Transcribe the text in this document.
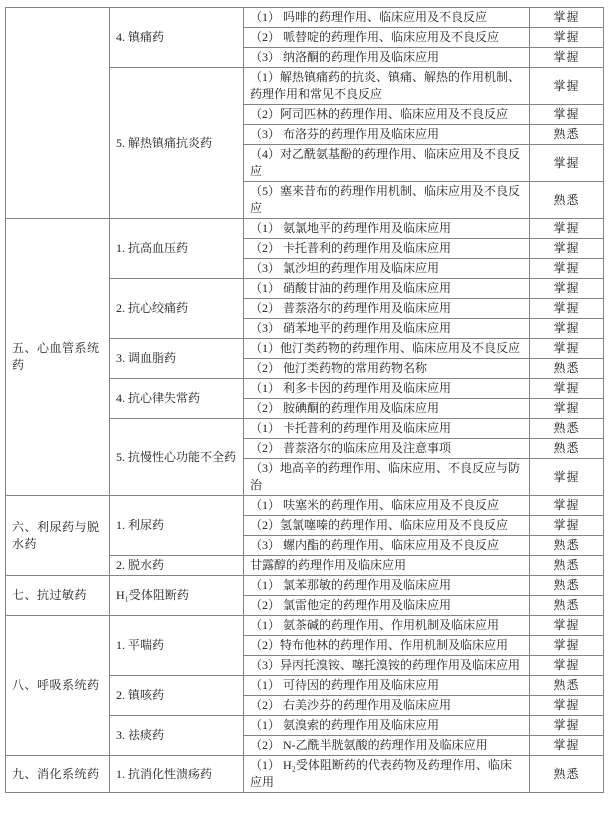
	4. 镇痛药	（1） 吗啡的药理作用、临床应用及不良反应	掌握
		（2） 哌替啶的药理作用、临床应用及不良反应	掌握
		（3） 纳洛酮的药理作用及临床应用	掌握
	5. 解热镇痛抗炎药	（1）解热镇痛药的抗炎、镇痛、解热的作用机制、药理作用和常见不良反应	掌握
		（2）阿司匹林的药理作用、临床应用及不良反应	掌握
		（3） 布洛芬的药理作用及临床应用	熟悉
		（4）对乙酰氨基酚的药理作用、临床应用及不良反应	掌握
		（5）塞来昔布的药理作用机制、临床应用及不良反应	熟悉
五、心血管系统药	1. 抗高血压药	（1） 氨氯地平的药理作用及临床应用	掌握
		（2） 卡托普利的药理作用及临床应用	掌握
		（3） 氯沙坦的药理作用及临床应用	掌握
	2. 抗心绞痛药	（1） 硝酸甘油的药理作用及临床应用	掌握
		（2） 普萘洛尔的药理作用及临床应用	掌握
		（3） 硝苯地平的药理作用及临床应用	掌握
	3. 调血脂药	（1）他汀类药物的药理作用、临床应用及不良反应	掌握
		（2） 他汀类药物的常用药物名称	熟悉
	4. 抗心律失常药	（1） 利多卡因的药理作用及临床应用	掌握
		（2） 胺碘酮的药理作用及临床应用	掌握
	5. 抗慢性心功能不全药	（1） 卡托普利的药理作用及临床应用	熟悉
		（2） 普萘洛尔的临床应用及注意事项	熟悉
		（3）地高辛的药理作用、临床应用、不良反应与防治	掌握
六、利尿药与脱水药	1. 利尿药	（1） 呋塞米的药理作用、临床应用及不良反应	掌握
		（2）氢氯噻嗪的药理作用、临床应用及不良反应	掌握
		（3） 螺内酯的药理作用、临床应用及不良反应	熟悉
	2. 脱水药	甘露醇的药理作用及临床应用	熟悉
七、抗过敏药	H₁受体阻断药	（1） 氯苯那敏的药理作用及临床应用	熟悉
		（2） 氯雷他定的药理作用及临床应用	熟悉
八、呼吸系统药	1. 平喘药	（1） 氨茶碱的药理作用、作用机制及临床应用	掌握
		（2）特布他林的药理作用、作用机制及临床应用	掌握
		（3）异丙托溴铵、噻托溴铵的药理作用及临床应用	掌握
	2. 镇咳药	（1） 可待因的药理作用及临床应用	熟悉
		（2） 右美沙芬的药理作用及临床应用	掌握
	3. 祛痰药	（1） 氨溴索的药理作用及临床应用	掌握
		（2） N-乙酰半胱氨酸的药理作用及临床应用	掌握
九、消化系统药	1. 抗消化性溃疡药	（1） H₂受体阻断药的代表药物及药理作用、临床应用	熟悉
